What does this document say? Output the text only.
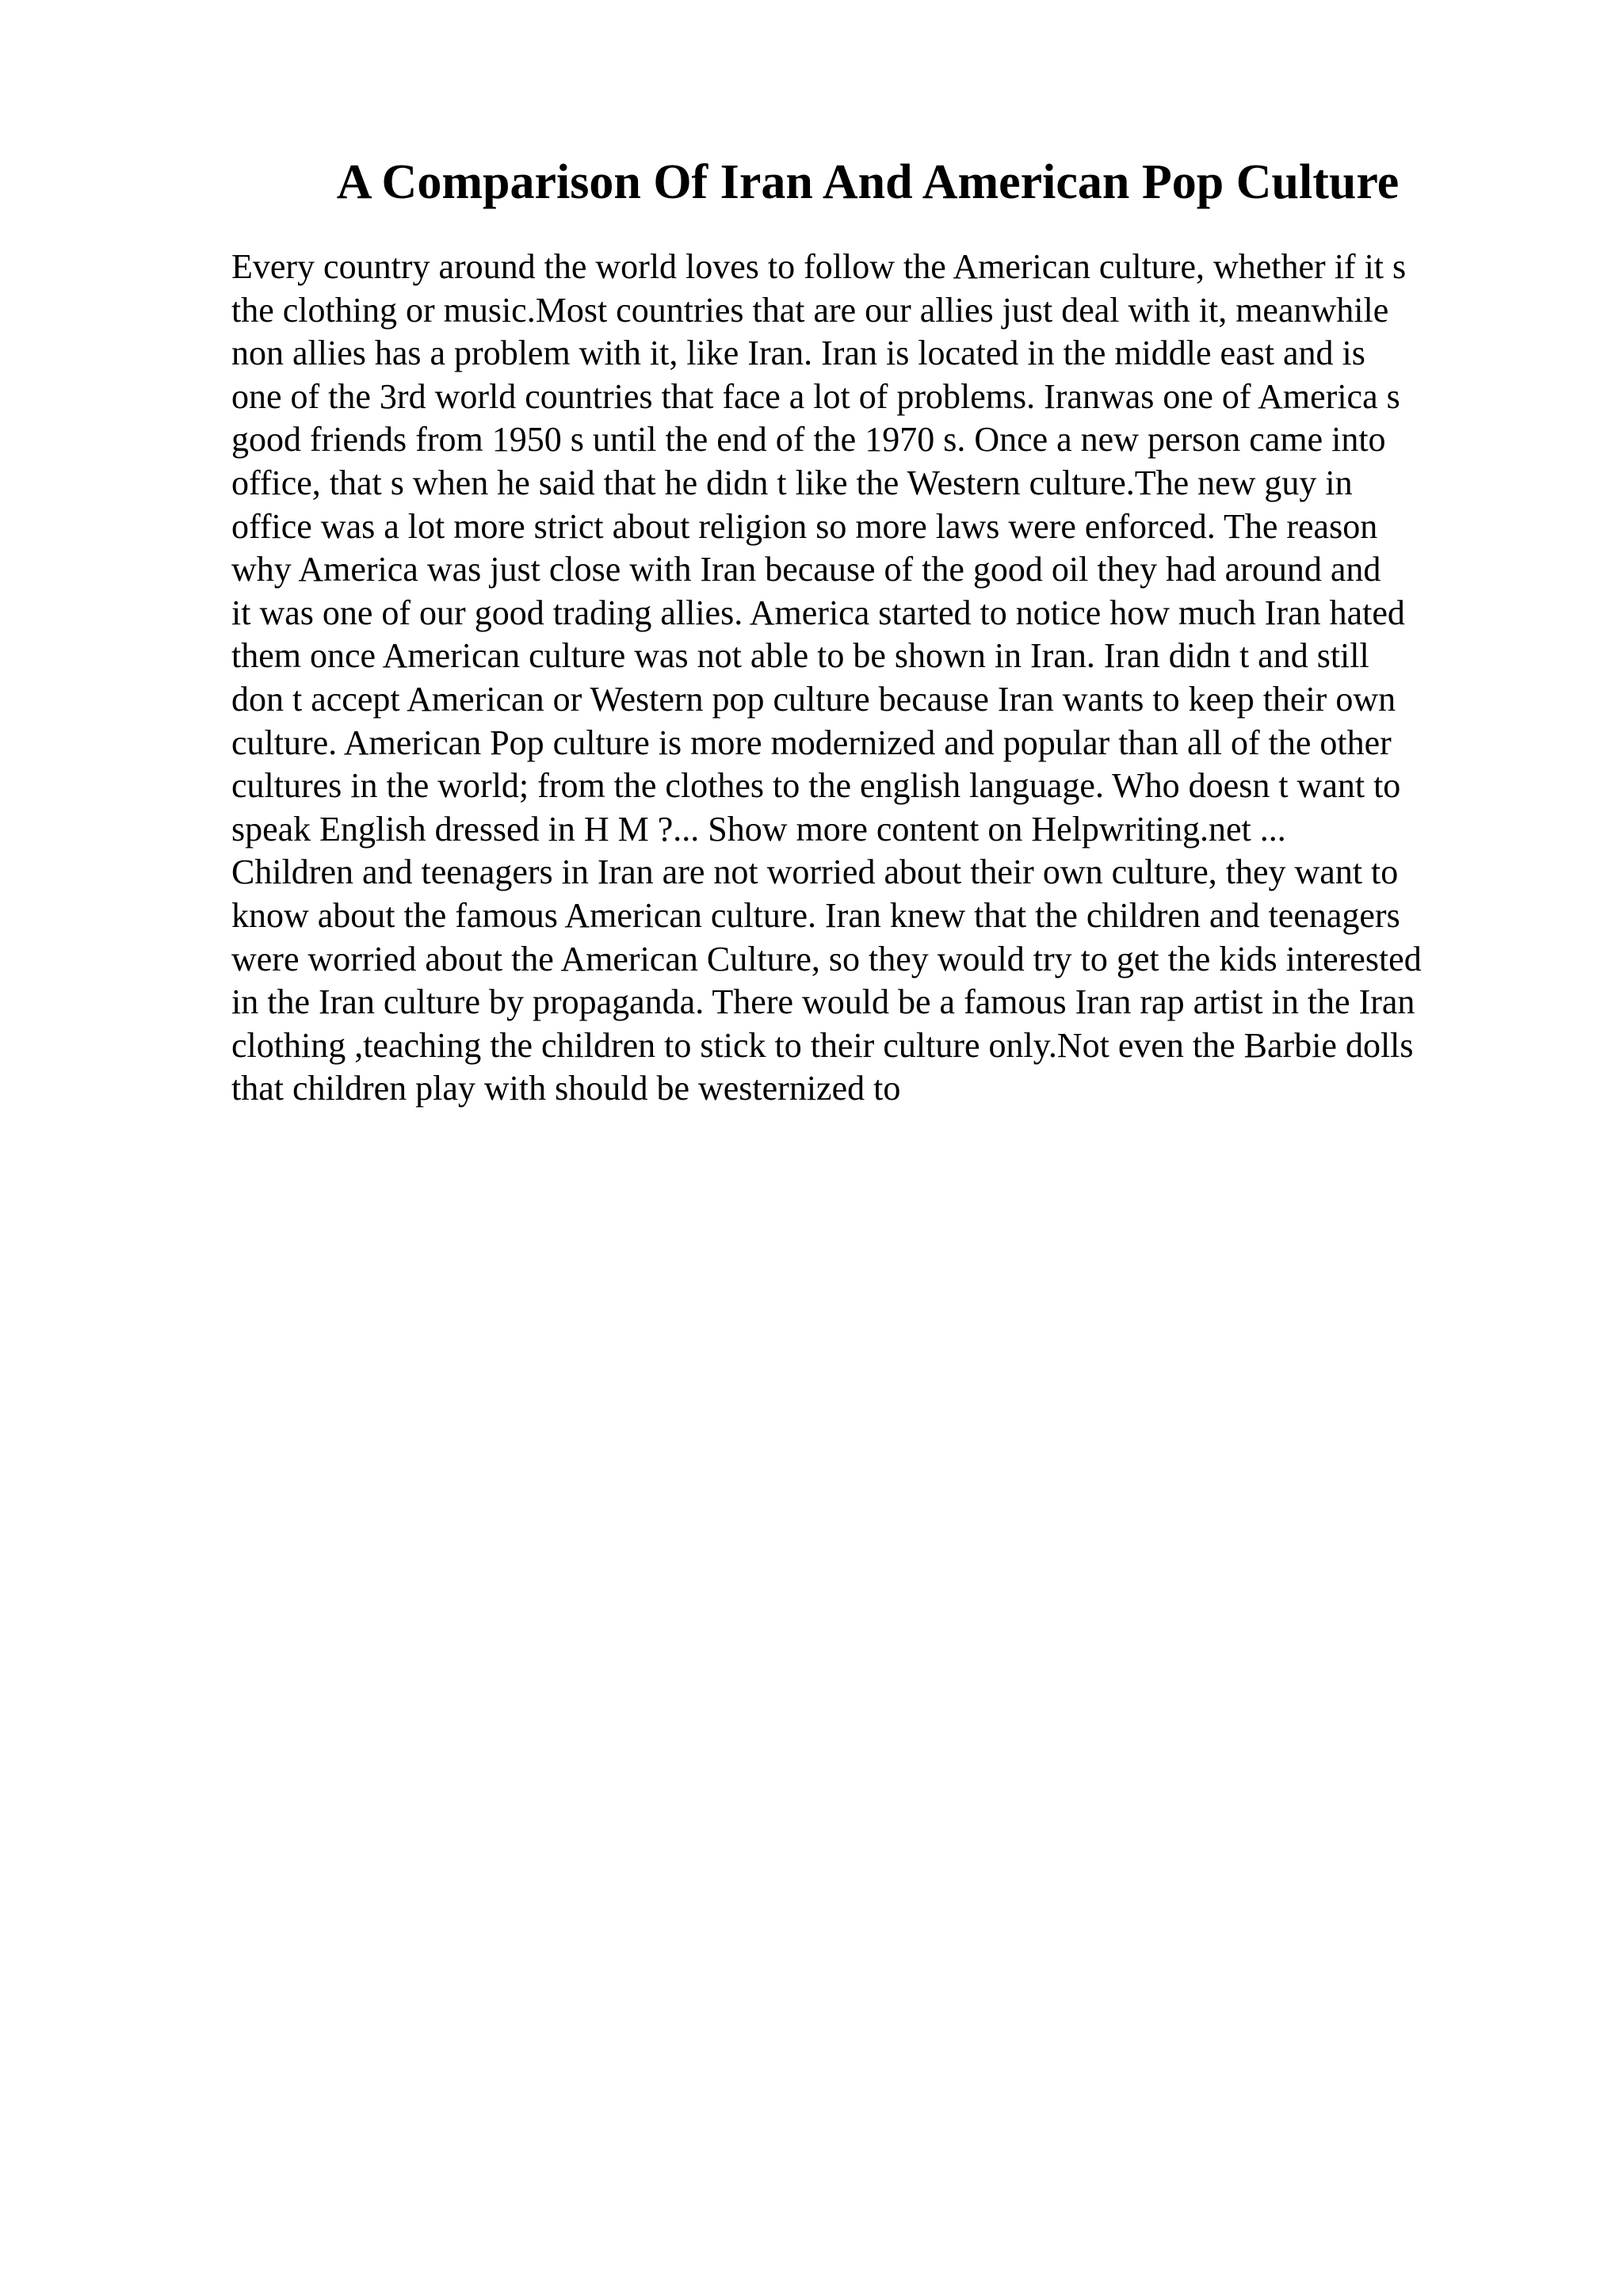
A Comparison Of Iran And American Pop Culture
Every country around the world loves to follow the American culture, whether if it s
the clothing or music.Most countries that are our allies just deal with it, meanwhile
non allies has a problem with it, like Iran. Iran is located in the middle east and is
one of the 3rd world countries that face a lot of problems. Iranwas one of America s
good friends from 1950 s until the end of the 1970 s. Once a new person came into
office, that s when he said that he didn t like the Western culture.The new guy in
office was a lot more strict about religion so more laws were enforced. The reason
why America was just close with Iran because of the good oil they had around and
it was one of our good trading allies. America started to notice how much Iran hated
them once American culture was not able to be shown in Iran. Iran didn t and still
don t accept American or Western pop culture because Iran wants to keep their own
culture. American Pop culture is more modernized and popular than all of the other
cultures in the world; from the clothes to the english language. Who doesn t want to
speak English dressed in H M ?... Show more content on Helpwriting.net ...
Children and teenagers in Iran are not worried about their own culture, they want to
know about the famous American culture. Iran knew that the children and teenagers
were worried about the American Culture, so they would try to get the kids interested
in the Iran culture by propaganda. There would be a famous Iran rap artist in the Iran
clothing ,teaching the children to stick to their culture only.Not even the Barbie dolls
that children play with should be westernized to
